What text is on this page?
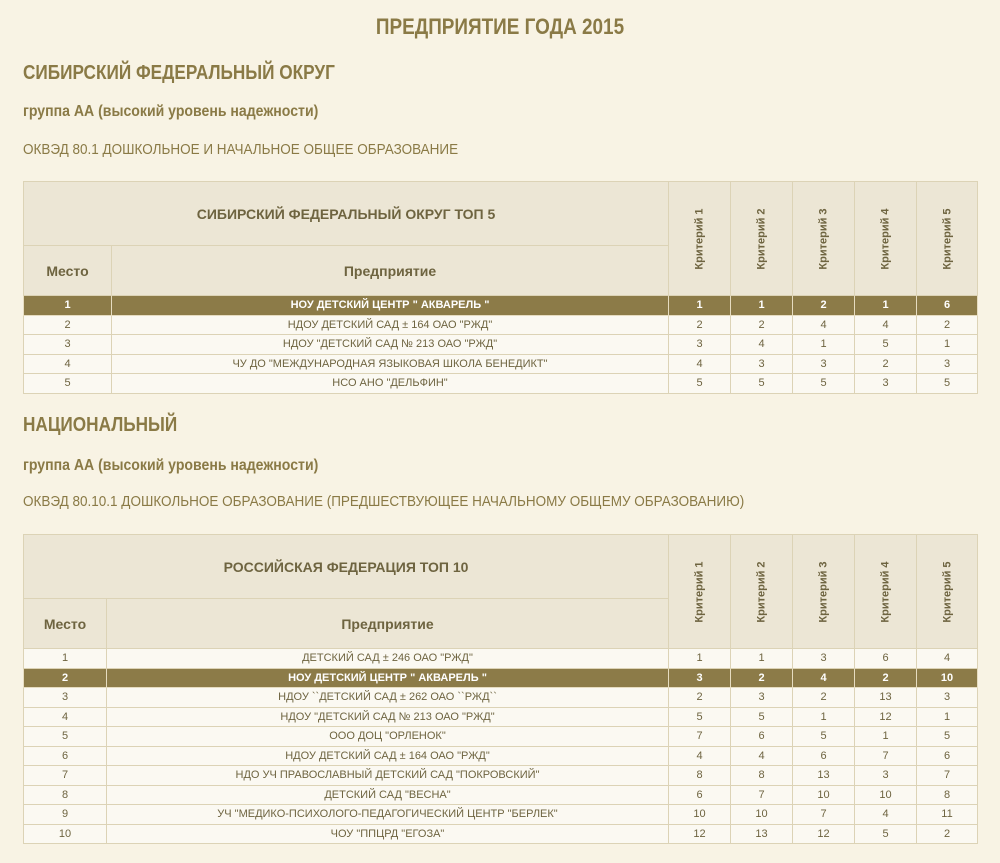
ПРЕДПРИЯТИЕ ГОДА 2015
СИБИРСКИЙ ФЕДЕРАЛЬНЫЙ ОКРУГ
группа АА (высокий уровень надежности)
ОКВЭД 80.1 ДОШКОЛЬНОЕ И НАЧАЛЬНОЕ ОБЩЕЕ ОБРАЗОВАНИЕ
СИБИРСКИЙ ФЕДЕРАЛЬНЫЙ ОКРУГ ТОП 5		Критерий 1	Критерий 2	Критерий 3	Критерий 4	Критерий 5
Место	Предприятие					
1	НОУ ДЕТСКИЙ ЦЕНТР " АКВАРЕЛЬ "	1	1	2	1	6
2	НДОУ ДЕТСКИЙ САД ± 164 ОАО "РЖД"	2	2	4	4	2
3	НДОУ "ДЕТСКИЙ САД № 213 ОАО "РЖД"	3	4	1	5	1
4	ЧУ ДО "МЕЖДУНАРОДНАЯ ЯЗЫКОВАЯ ШКОЛА БЕНЕДИКТ"	4	3	3	2	3
5	НСО АНО "ДЕЛЬФИН"	5	5	5	3	5
НАЦИОНАЛЬНЫЙ
группа АА (высокий уровень надежности)
ОКВЭД 80.10.1 ДОШКОЛЬНОЕ ОБРАЗОВАНИЕ (ПРЕДШЕСТВУЮЩЕЕ НАЧАЛЬНОМУ ОБЩЕМУ ОБРАЗОВАНИЮ)
РОССИЙСКАЯ ФЕДЕРАЦИЯ ТОП 10		Критерий 1	Критерий 2	Критерий 3	Критерий 4	Критерий 5
Место	Предприятие					
1	ДЕТСКИЙ САД ± 246 ОАО "РЖД"	1	1	3	6	4
2	НОУ ДЕТСКИЙ ЦЕНТР " АКВАРЕЛЬ "	3	2	4	2	10
3	НДОУ ``ДЕТСКИЙ САД ± 262 ОАО ``РЖД``	2	3	2	13	3
4	НДОУ "ДЕТСКИЙ САД № 213 ОАО "РЖД"	5	5	1	12	1
5	ООО ДОЦ "ОРЛЕНОК"	7	6	5	1	5
6	НДОУ ДЕТСКИЙ САД ± 164 ОАО "РЖД"	4	4	6	7	6
7	НДО УЧ ПРАВОСЛАВНЫЙ ДЕТСКИЙ САД "ПОКРОВСКИЙ"	8	8	13	3	7
8	ДЕТСКИЙ САД "ВЕСНА"	6	7	10	10	8
9	УЧ "МЕДИКО-ПСИХОЛОГО-ПЕДАГОГИЧЕСКИЙ ЦЕНТР "БЕРЛЕК"	10	10	7	4	11
10	ЧОУ "ППЦРД "ЕГОЗА"	12	13	12	5	2
